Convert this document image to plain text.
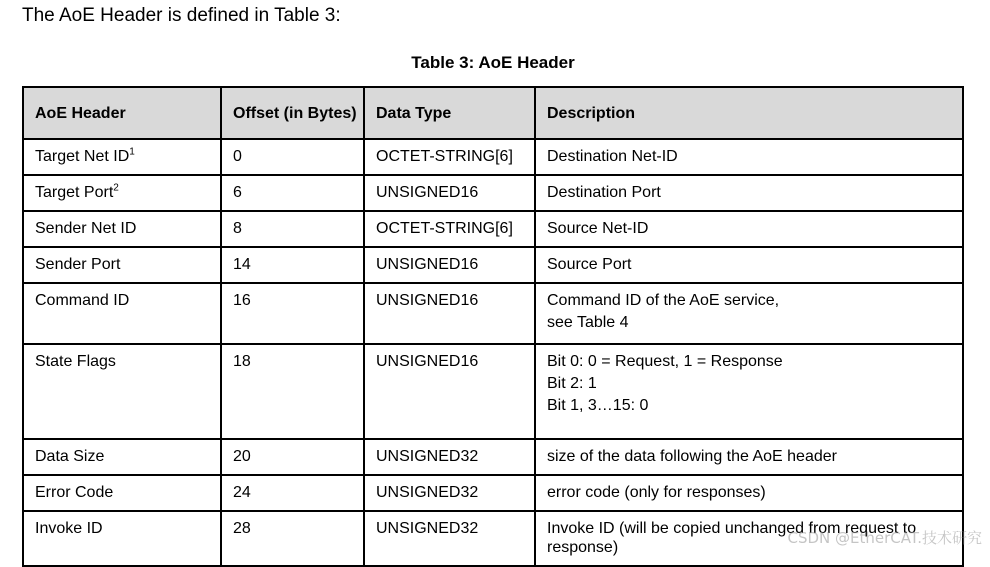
The AoE Header is defined in Table 3:
Table 3: AoE Header
AoE Header	Offset (in Bytes)	Data Type	Description
Target Net $ID^1$	0	OCTET-STRING[6]	Destination Net-ID
Target Port$^2$	6	UNSIGNED16	Destination Port
Sender Net ID	8	OCTET-STRING[6]	Source Net-ID
Sender Port	14	UNSIGNED16	Source Port
Command ID	16	UNSIGNED16	Command ID of the AoE service,
see Table 4

State Flags	18	UNSIGNED16	Bit 0: 0 = Request, 1 = Response
Bit 2: 1
Bit 1, 3…15: 0

Data Size	20	UNSIGNED32	size of the data following the AoE header
Error Code	24	UNSIGNED32	error code (only for responses)
Invoke ID	28	UNSIGNED32	Invoke ID (will be copied unchanged from request to response)
CSDN @EtherCAT.技术研究
